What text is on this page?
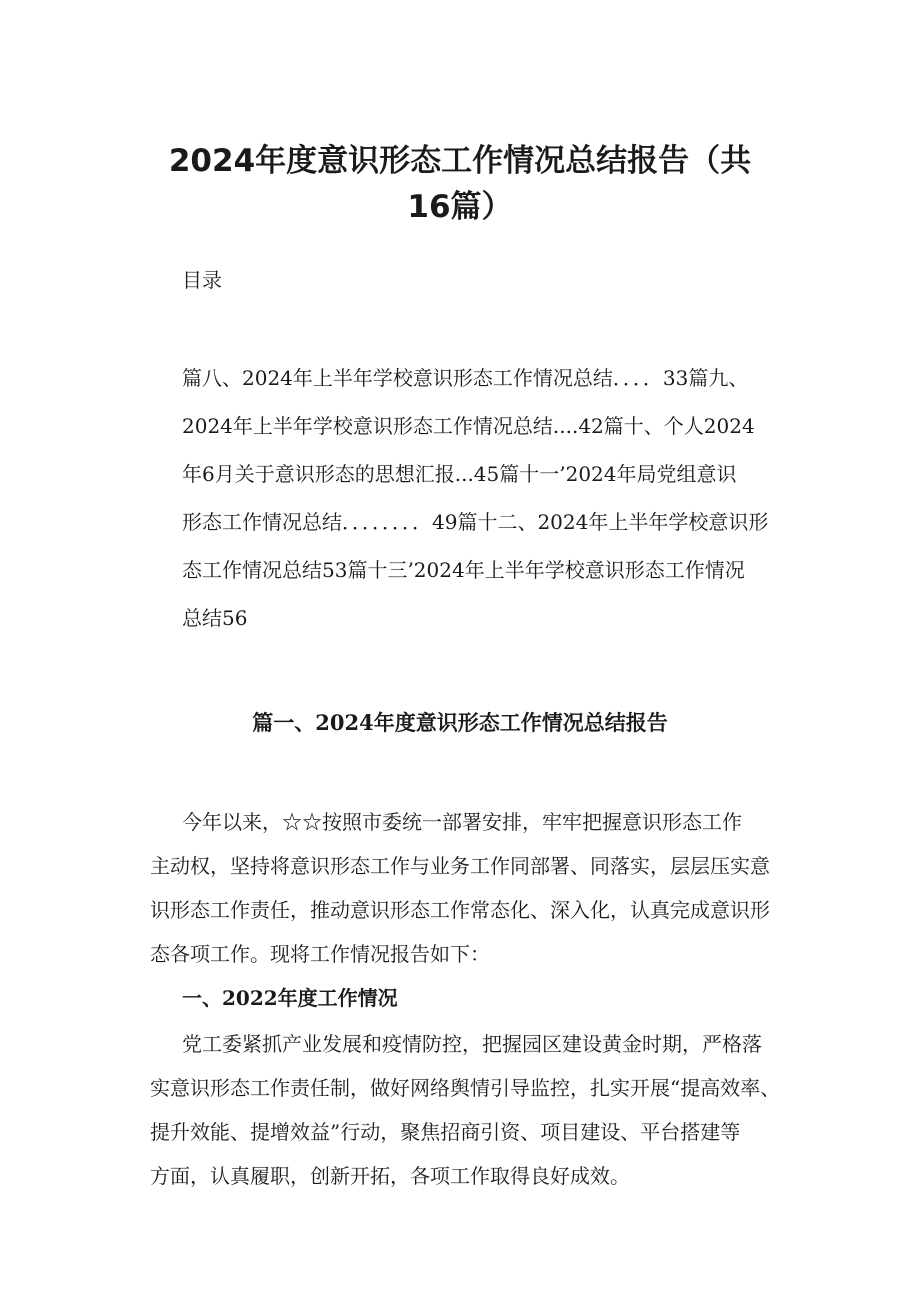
2024年度意识形态工作情况总结报告（共
16篇）

目录

篇八、2024年上半年学校意识形态工作情况总结．．．．33篇九、

2024年上半年学校意识形态工作情况总结....42篇十、个人2024

年6月关于意识形态的思想汇报...45篇十一’2024年局党组意识

形态工作情况总结．．．．．．．．49篇十二、2024年上半年学校意识形

态工作情况总结53篇十三’2024年上半年学校意识形态工作情况

总结56

篇一、2024年度意识形态工作情况总结报告

今年以来，☆☆按照市委统一部署安排，牢牢把握意识形态工作

主动权，坚持将意识形态工作与业务工作同部署、同落实，层层压实意

识形态工作责任，推动意识形态工作常态化、深入化，认真完成意识形

态各项工作。现将工作情况报告如下：

一、2022年度工作情况

党工委紧抓产业发展和疫情防控，把握园区建设黄金时期，严格落

实意识形态工作责任制，做好网络舆情引导监控，扎实开展“提高效率、

提升效能、提增效益”行动，聚焦招商引资、项目建设、平台搭建等

方面，认真履职，创新开拓，各项工作取得良好成效。
